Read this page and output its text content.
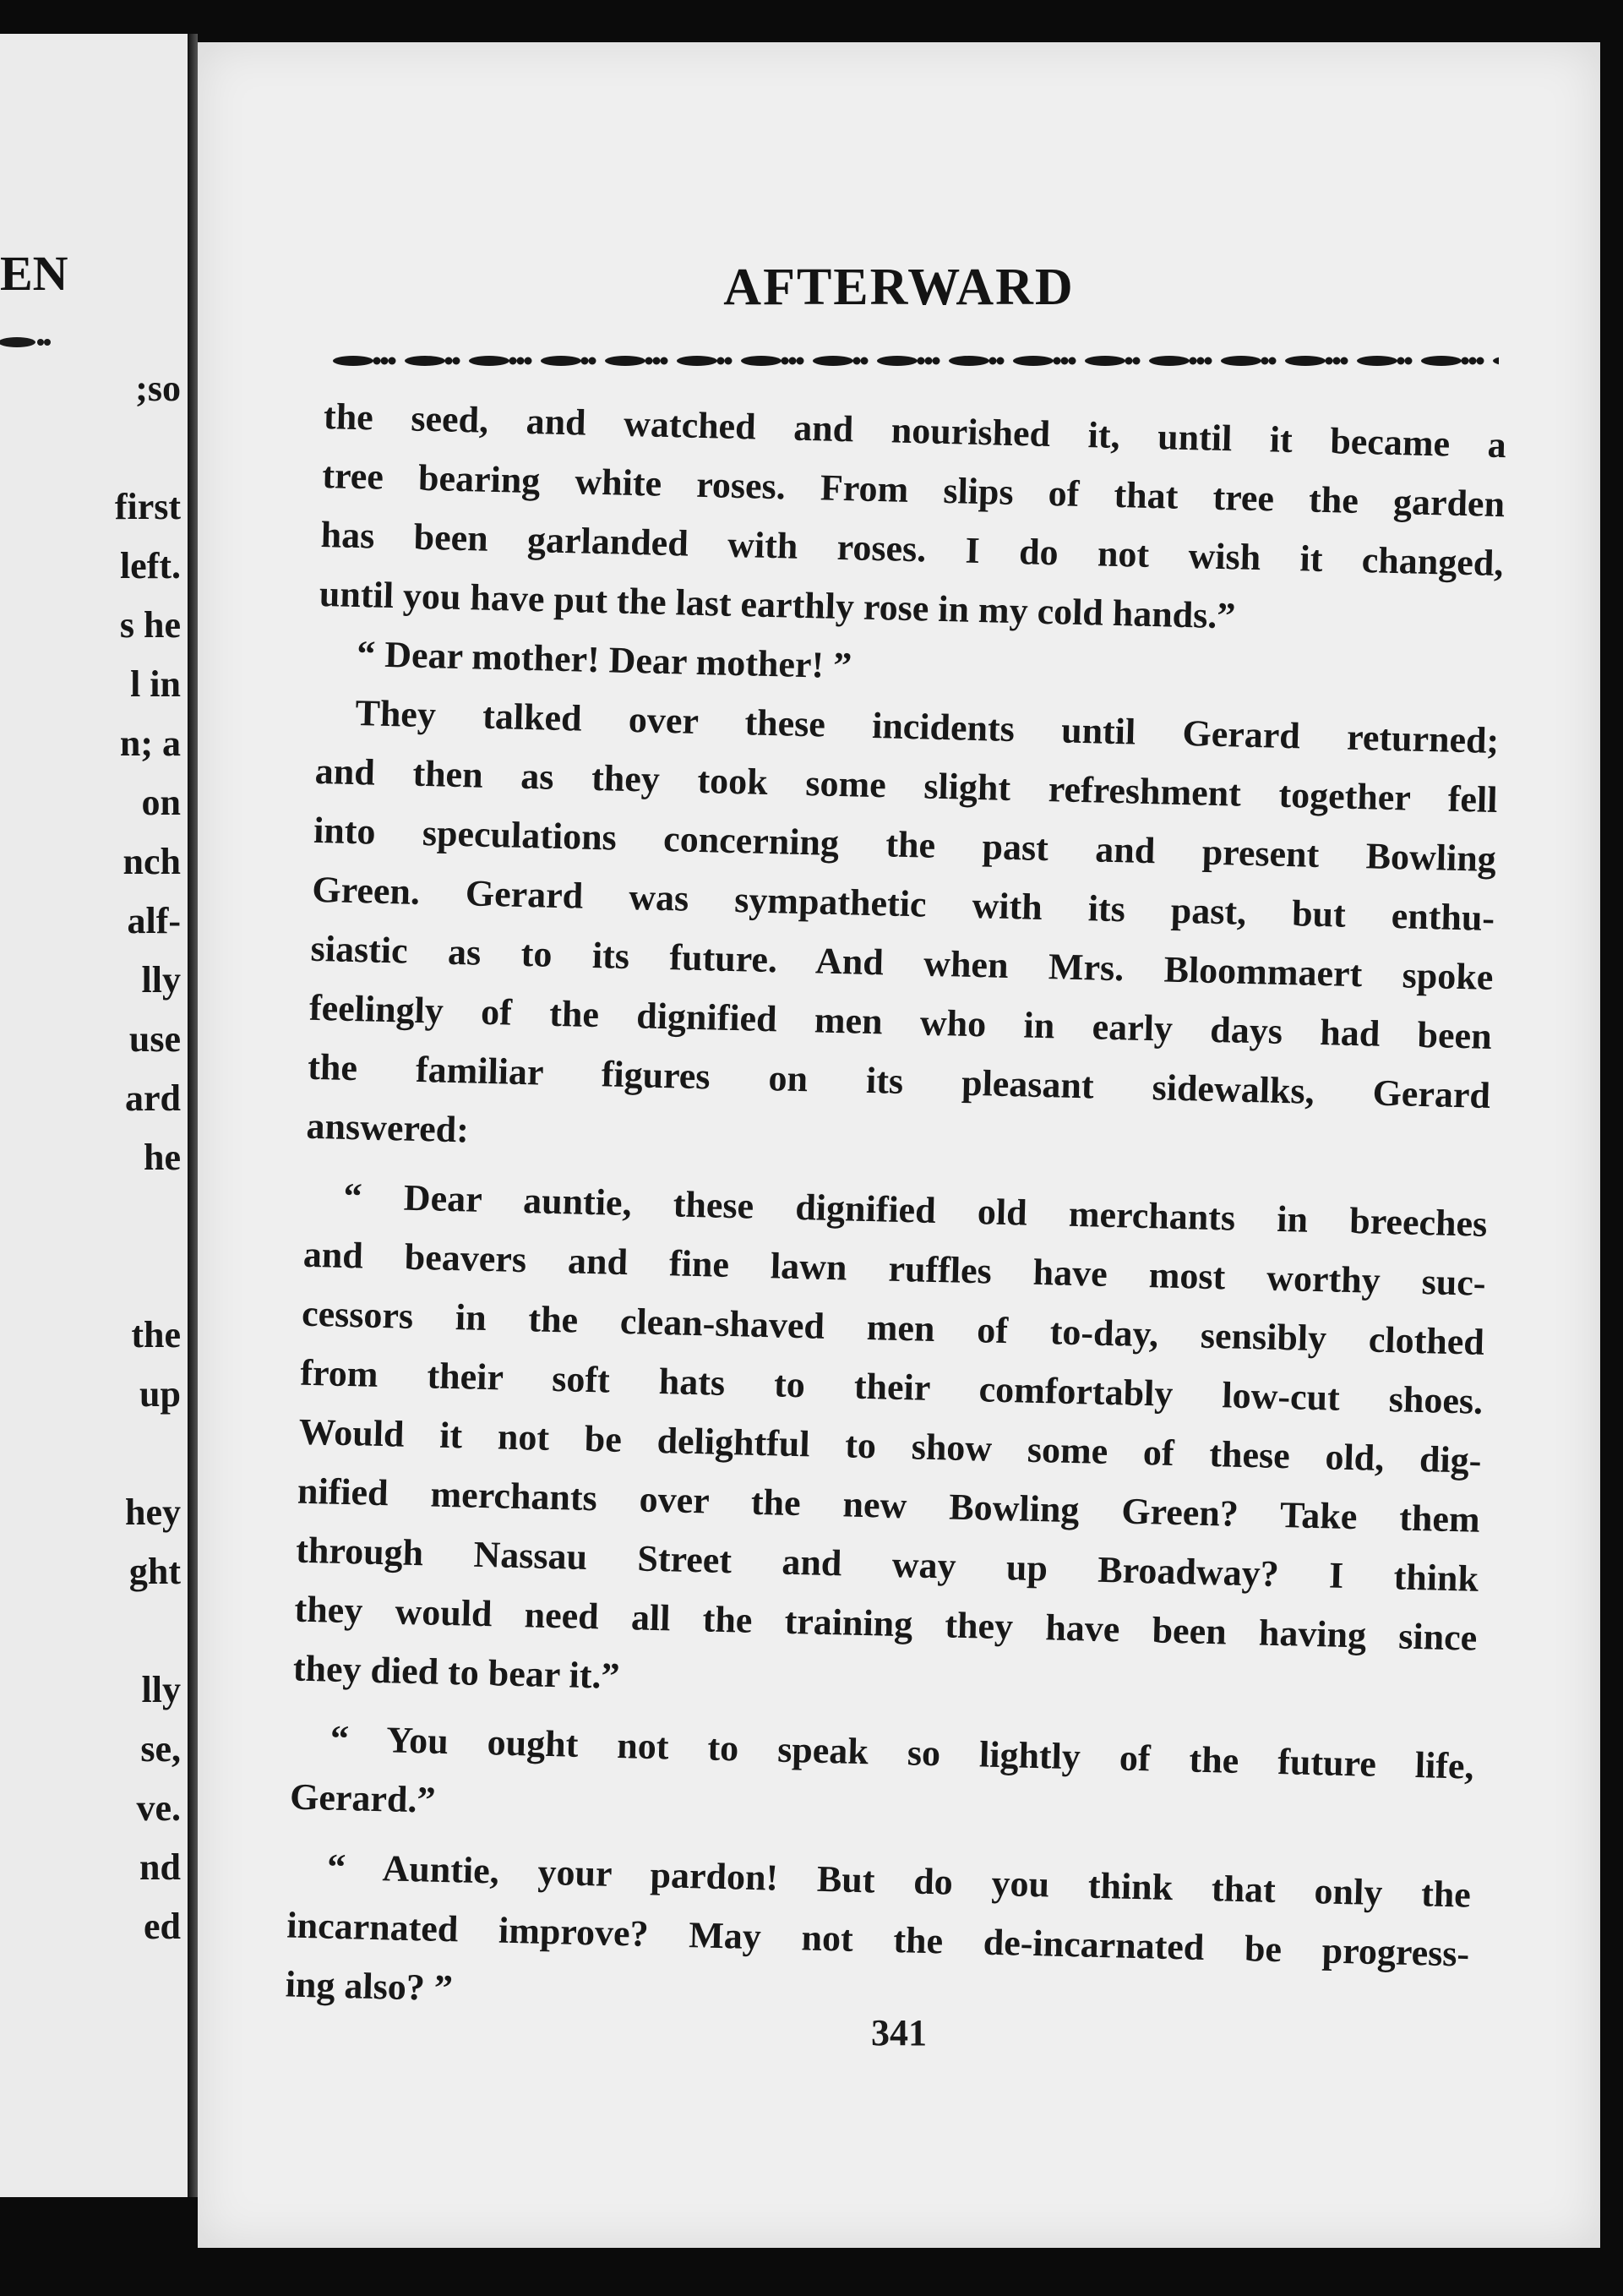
EN
;so
first
left.
s he
l in
n; a
on
nch
alf-
lly
use
ard
he
the
up
hey
ght
lly
se,
ve.
nd
ed
AFTERWARD
the seed, and watched and nourished it, until it became a
tree bearing white roses. From slips of that tree the garden
has been garlanded with roses. I do not wish it changed,
until you have put the last earthly rose in my cold hands.”
“ Dear mother! Dear mother! ”
They talked over these incidents until Gerard returned;
and then as they took some slight refreshment together fell
into speculations concerning the past and present Bowling
Green. Gerard was sympathetic with its past, but enthu-
siastic as to its future. And when Mrs. Bloommaert spoke
feelingly of the dignified men who in early days had been
the familiar figures on its pleasant sidewalks, Gerard
answered:
“ Dear auntie, these dignified old merchants in breeches
and beavers and fine lawn ruffles have most worthy suc-
cessors in the clean-shaved men of to-day, sensibly clothed
from their soft hats to their comfortably low-cut shoes.
Would it not be delightful to show some of these old, dig-
nified merchants over the new Bowling Green? Take them
through Nassau Street and way up Broadway? I think
they would need all the training they have been having since
they died to bear it.”
“ You ought not to speak so lightly of the future life,
Gerard.”
“ Auntie, your pardon! But do you think that only the
incarnated improve? May not the de-incarnated be progress-
ing also? ”
341
